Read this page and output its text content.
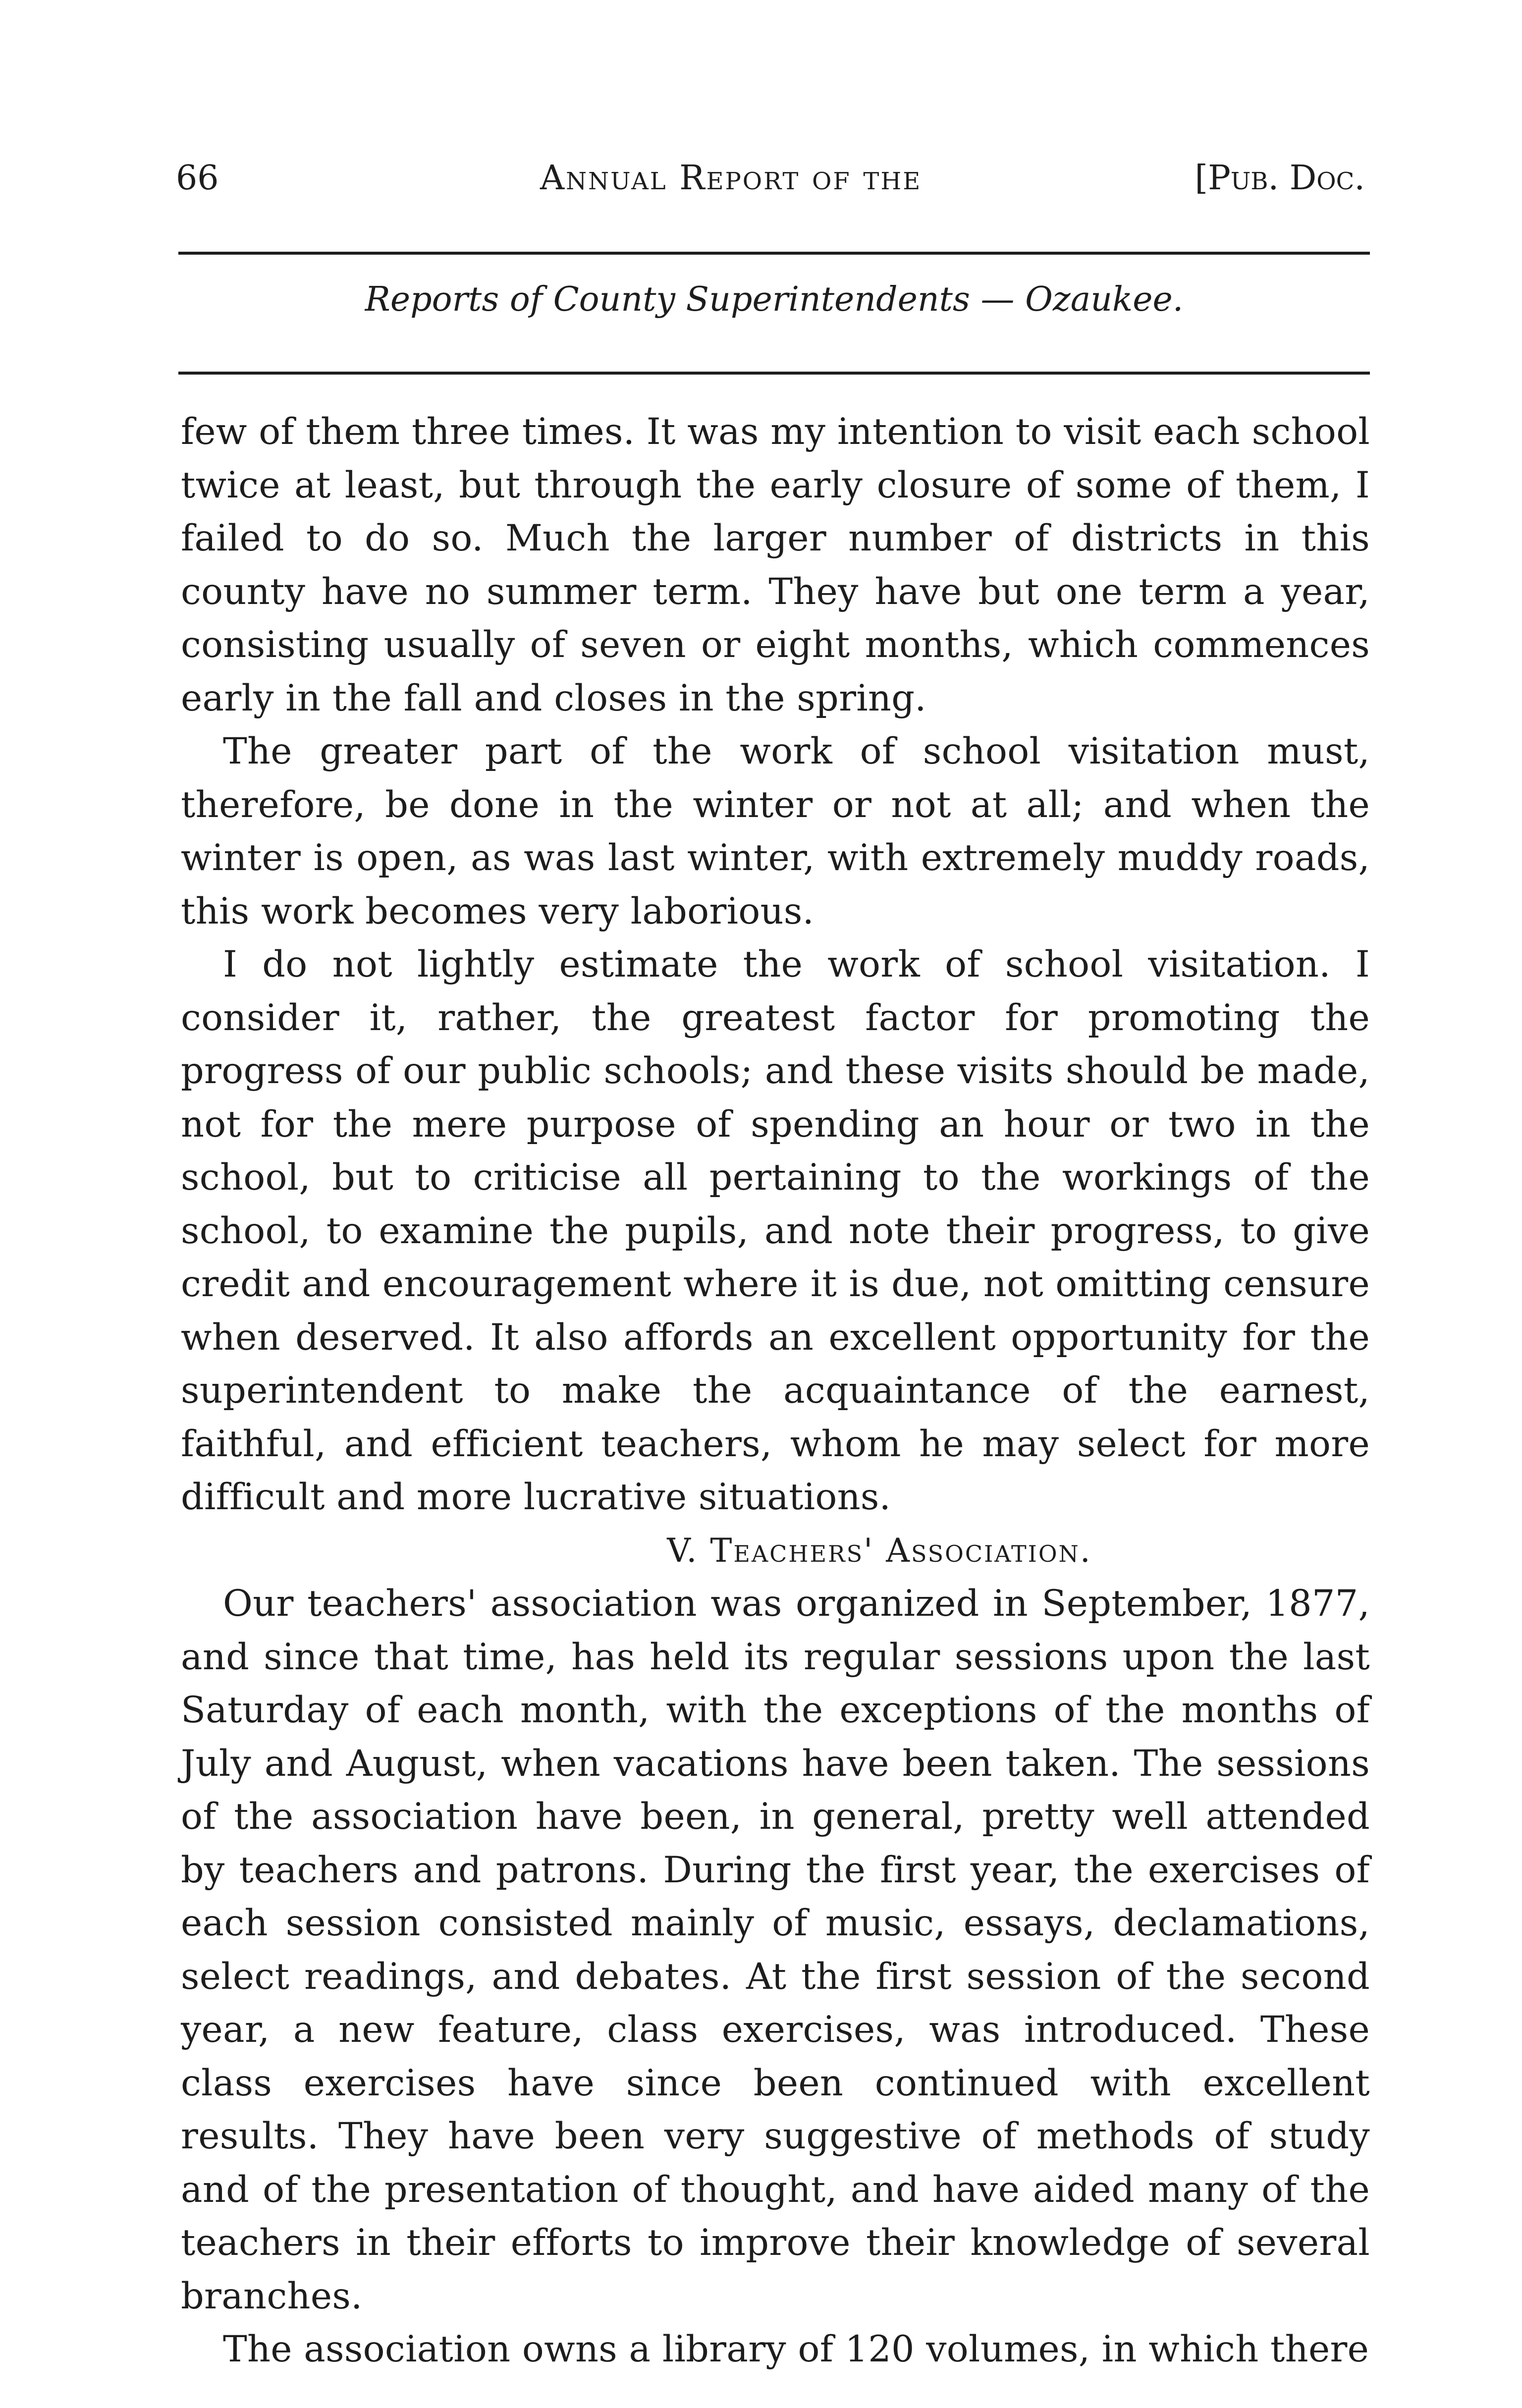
66	Annual Report of the	[Pub. Doc.
Reports of County Superintendents — Ozaukee.

few of them three times. It was my intention to visit each school twice at least, but through the early closure of some of them, I failed to do so. Much the larger number of districts in this county have no summer term. They have but one term a year, consisting usually of seven or eight months, which commences early in the fall and closes in the spring.

The greater part of the work of school visitation must, therefore, be done in the winter or not at all; and when the winter is open, as was last winter, with extremely muddy roads, this work becomes very laborious.

I do not lightly estimate the work of school visitation. I consider it, rather, the greatest factor for promoting the progress of our public schools; and these visits should be made, not for the mere purpose of spending an hour or two in the school, but to criticise all pertaining to the workings of the school, to examine the pupils, and note their progress, to give credit and encouragement where it is due, not omitting censure when deserved. It also affords an excellent opportunity for the superintendent to make the acquaintance of the earnest, faithful, and efficient teachers, whom he may select for more difficult and more lucrative situations.

V. Teachers' Association.

Our teachers' association was organized in September, 1877, and since that time, has held its regular sessions upon the last Saturday of each month, with the exceptions of the months of July and August, when vacations have been taken. The sessions of the association have been, in general, pretty well attended by teachers and patrons. During the first year, the exercises of each session consisted mainly of music, essays, declamations, select readings, and debates. At the first session of the second year, a new feature, class exercises, was introduced. These class exercises have since been continued with excellent results. They have been very suggestive of methods of study and of the presentation of thought, and have aided many of the teachers in their efforts to improve their knowledge of several branches.

The association owns a library of 120 volumes, in which there
